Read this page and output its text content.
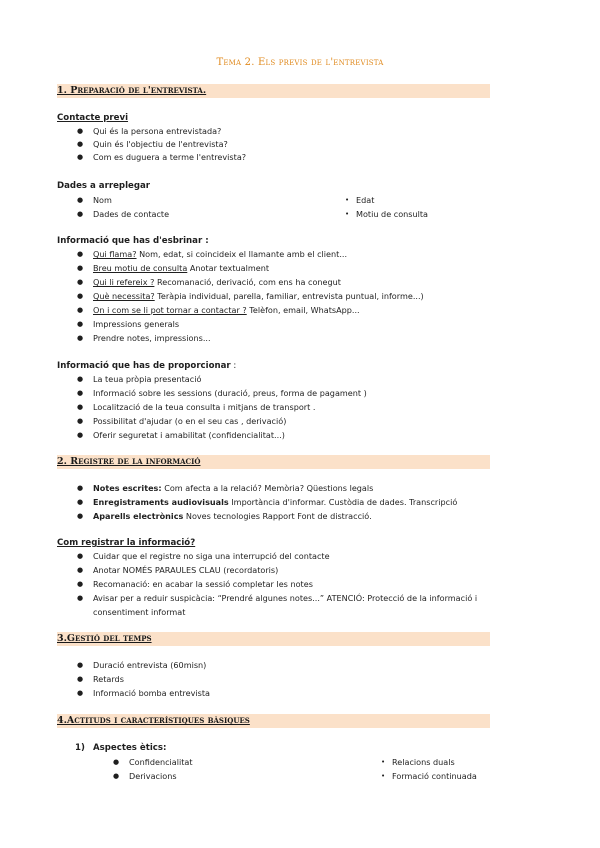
Tema 2. Els previs de l'entrevista
1. Preparació de l'entrevista.
Contacte previ
● Qui és la persona entrevistada?
● Quin és l'objectiu de l'entrevista?
● Com es duguera a terme l'entrevista?
Dades a arreplegar
● Nom
● Dades de contacte
• Edat
• Motiu de consulta
Informació que has d'esbrinar :
● Qui flama? Nom, edat, si coincideix el llamante amb el client...
● Breu motiu de consulta Anotar textualment
● Qui li refereix ? Recomanació, derivació, com ens ha conegut
● Què necessita? Teràpia individual, parella, familiar, entrevista puntual, informe...)
● On i com se li pot tornar a contactar ? Telèfon, email, WhatsApp...
● Impressions generals
● Prendre notes, impressions...
Informació que has de proporcionar :
● La teua pròpia presentació
● Informació sobre les sessions (duració, preus, forma de pagament )
● Localització de la teua consulta i mitjans de transport .
● Possibilitat d'ajudar (o en el seu cas , derivació)
● Oferir seguretat i amabilitat (confidencialitat...)
2. Registre de la informació
● Notes escrites: Com afecta a la relació? Memòria? Qüestions legals
● Enregistraments audiovisuals Importància d'informar. Custòdia de dades. Transcripció
● Aparells electrònics Noves tecnologies Rapport Font de distracció.
Com registrar la informació?
● Cuidar que el registre no siga una interrupció del contacte
● Anotar NOMÉS PARAULES CLAU (recordatoris)
● Recomanació: en acabar la sessió completar les notes
● Avisar per a reduir suspicàcia: “Prendré algunes notes...” ATENCIÓ: Protecció de la informació i
consentiment informat
3.Gestió del temps
● Duració entrevista (60misn)
● Retards
● Informació bomba entrevista
4.Actituds i característiques bàsiques
1) Aspectes ètics:
● Confidencialitat
● Derivacions
• Relacions duals
• Formació continuada
